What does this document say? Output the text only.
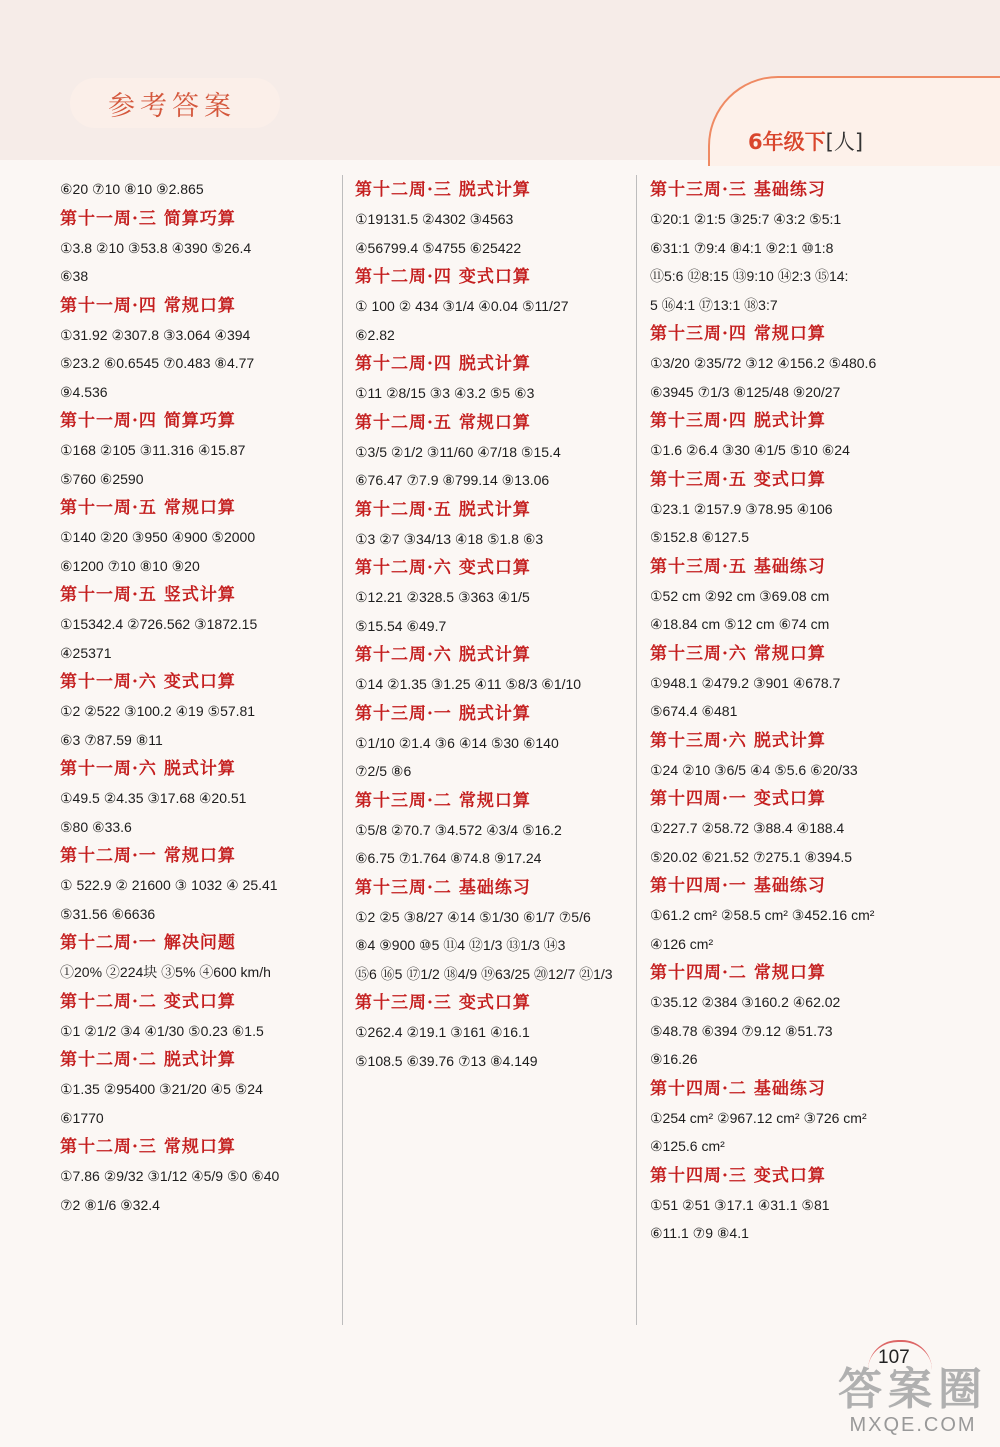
参考答案
6年级下[人]
⑥20 ⑦10 ⑧10 ⑨2.865
第十一周·三 简算巧算
①3.8 ②10 ③53.8 ④390 ⑤26.4
⑥38
第十一周·四 常规口算
①31.92 ②307.8 ③3.064 ④394
⑤23.2 ⑥0.6545 ⑦0.483 ⑧4.77
⑨4.536
第十一周·四 简算巧算
①168 ②105 ③11.316 ④15.87
⑤760 ⑥2590
第十一周·五 常规口算
①140 ②20 ③950 ④900 ⑤2000
⑥1200 ⑦10 ⑧10 ⑨20
第十一周·五 竖式计算
①15342.4 ②726.562 ③1872.15
④25371
第十一周·六 变式口算
①2 ②522 ③100.2 ④19 ⑤57.81
⑥3 ⑦87.59 ⑧11
第十一周·六 脱式计算
①49.5 ②4.35 ③17.68 ④20.51
⑤80 ⑥33.6
第十二周·一 常规口算
① 522.9 ② 21600 ③ 1032 ④ 25.41
⑤31.56 ⑥6636
第十二周·一 解决问题
①20% ②224块 ③5% ④600 km/h
第十二周·二 变式口算
①1 ②1/2 ③4 ④1/30 ⑤0.23 ⑥1.5
第十二周·二 脱式计算
①1.35 ②95400 ③21/20 ④5 ⑤24
⑥1770
第十二周·三 常规口算
①7.86 ②9/32 ③1/12 ④5/9 ⑤0 ⑥40
⑦2 ⑧1/6 ⑨32.4
第十二周·三 脱式计算
①19131.5 ②4302 ③4563
④56799.4 ⑤4755 ⑥25422
第十二周·四 变式口算
① 100 ② 434 ③1/4 ④0.04 ⑤11/27
⑥2.82
第十二周·四 脱式计算
①11 ②8/15 ③3 ④3.2 ⑤5 ⑥3
第十二周·五 常规口算
①3/5 ②1/2 ③11/60 ④7/18 ⑤15.4
⑥76.47 ⑦7.9 ⑧799.14 ⑨13.06
第十二周·五 脱式计算
①3 ②7 ③34/13 ④18 ⑤1.8 ⑥3
第十二周·六 变式口算
①12.21 ②328.5 ③363 ④1/5
⑤15.54 ⑥49.7
第十二周·六 脱式计算
①14 ②1.35 ③1.25 ④11 ⑤8/3 ⑥1/10
第十三周·一 脱式计算
①1/10 ②1.4 ③6 ④14 ⑤30 ⑥140
⑦2/5 ⑧6
第十三周·二 常规口算
①5/8 ②70.7 ③4.572 ④3/4 ⑤16.2
⑥6.75 ⑦1.764 ⑧74.8 ⑨17.24
第十三周·二 基础练习
①2 ②5 ③8/27 ④14 ⑤1/30 ⑥1/7 ⑦5/6
⑧4 ⑨900 ⑩5 ⑪4 ⑫1/3 ⑬1/3 ⑭3
⑮6 ⑯5 ⑰1/2 ⑱4/9 ⑲63/25 ⑳12/7 ㉑1/3
第十三周·三 变式口算
①262.4 ②19.1 ③161 ④16.1
⑤108.5 ⑥39.76 ⑦13 ⑧4.149
第十三周·三 基础练习
①20:1 ②1:5 ③25:7 ④3:2 ⑤5:1
⑥31:1 ⑦9:4 ⑧4:1 ⑨2:1 ⑩1:8
⑪5:6 ⑫8:15 ⑬9:10 ⑭2:3 ⑮14:
5 ⑯4:1 ⑰13:1 ⑱3:7
第十三周·四 常规口算
①3/20 ②35/72 ③12 ④156.2 ⑤480.6
⑥3945 ⑦1/3 ⑧125/48 ⑨20/27
第十三周·四 脱式计算
①1.6 ②6.4 ③30 ④1/5 ⑤10 ⑥24
第十三周·五 变式口算
①23.1 ②157.9 ③78.95 ④106
⑤152.8 ⑥127.5
第十三周·五 基础练习
①52 cm ②92 cm ③69.08 cm
④18.84 cm ⑤12 cm ⑥74 cm
第十三周·六 常规口算
①948.1 ②479.2 ③901 ④678.7
⑤674.4 ⑥481
第十三周·六 脱式计算
①24 ②10 ③6/5 ④4 ⑤5.6 ⑥20/33
第十四周·一 变式口算
①227.7 ②58.72 ③88.4 ④188.4
⑤20.02 ⑥21.52 ⑦275.1 ⑧394.5
第十四周·一 基础练习
①61.2 cm² ②58.5 cm² ③452.16 cm²
④126 cm²
第十四周·二 常规口算
①35.12 ②384 ③160.2 ④62.02
⑤48.78 ⑥394 ⑦9.12 ⑧51.73
⑨16.26
第十四周·二 基础练习
①254 cm² ②967.12 cm² ③726 cm²
④125.6 cm²
第十四周·三 变式口算
①51 ②51 ③17.1 ④31.1 ⑤81
⑥11.1 ⑦9 ⑧4.1
107
答案圈
MXQE.COM
